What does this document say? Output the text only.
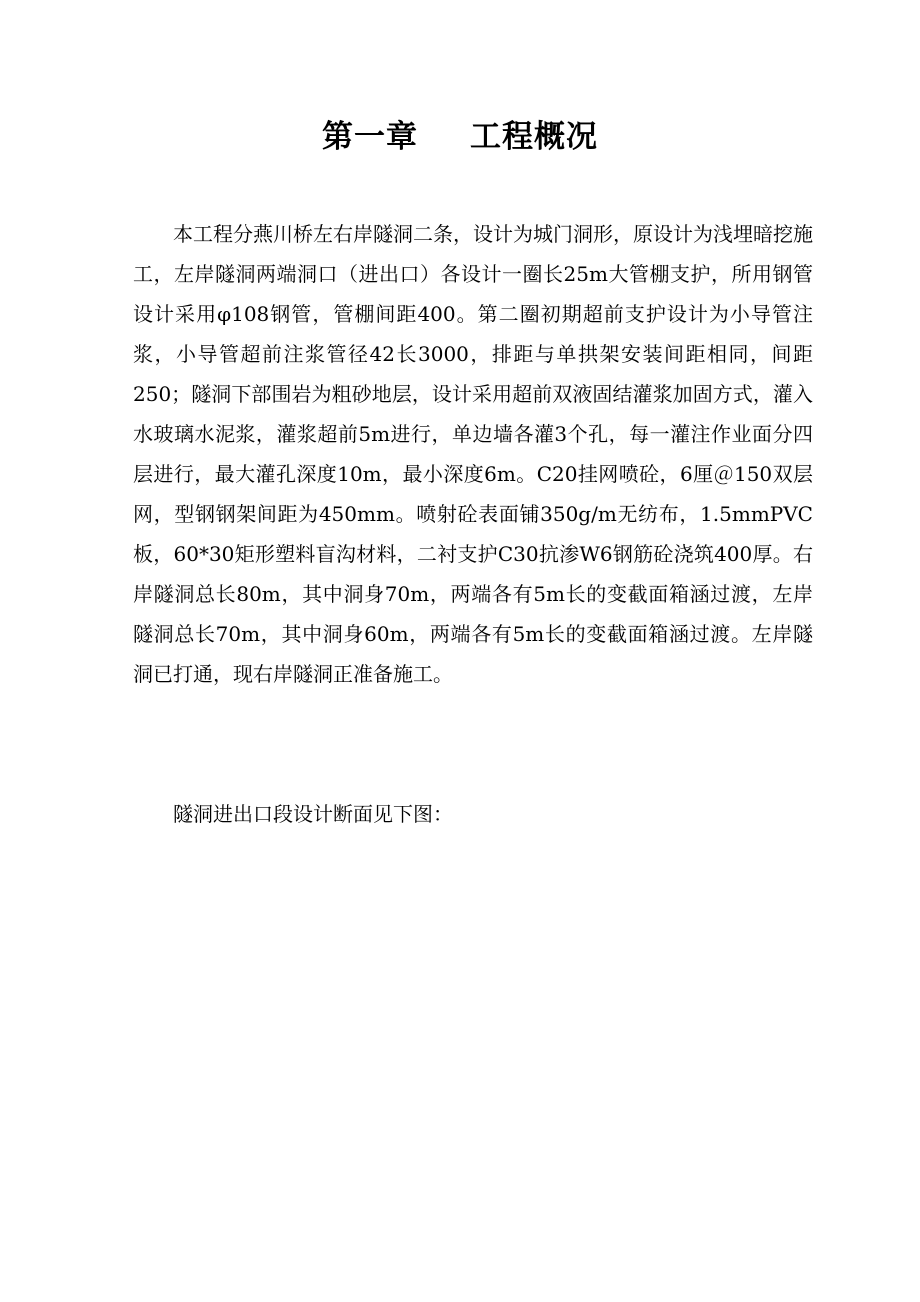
第一章 工程概况

本工程分燕川桥左右岸隧洞二条，设计为城门洞形，原设计为浅埋暗挖施工，左岸隧洞两端洞口（进出口）各设计一圈长25m大管棚支护，所用钢管设计采用φ108钢管，管棚间距400。第二圈初期超前支护设计为小导管注浆，小导管超前注浆管径42长3000，排距与单拱架安装间距相同，间距250；隧洞下部围岩为粗砂地层，设计采用超前双液固结灌浆加固方式，灌入水玻璃水泥浆，灌浆超前5m进行，单边墙各灌3个孔，每一灌注作业面分四层进行，最大灌孔深度10m，最小深度6m。C20挂网喷砼，6厘＠150双层网，型钢钢架间距为450mm。喷射砼表面铺350g/m无纺布，1.5mmPVC板，60*30矩形塑料盲沟材料，二衬支护C30抗渗W6钢筋砼浇筑400厚。右岸隧洞总长80m，其中洞身70m，两端各有5m长的变截面箱涵过渡，左岸隧洞总长70m，其中洞身60m，两端各有5m长的变截面箱涵过渡。左岸隧洞已打通，现右岸隧洞正准备施工。

隧洞进出口段设计断面见下图：
